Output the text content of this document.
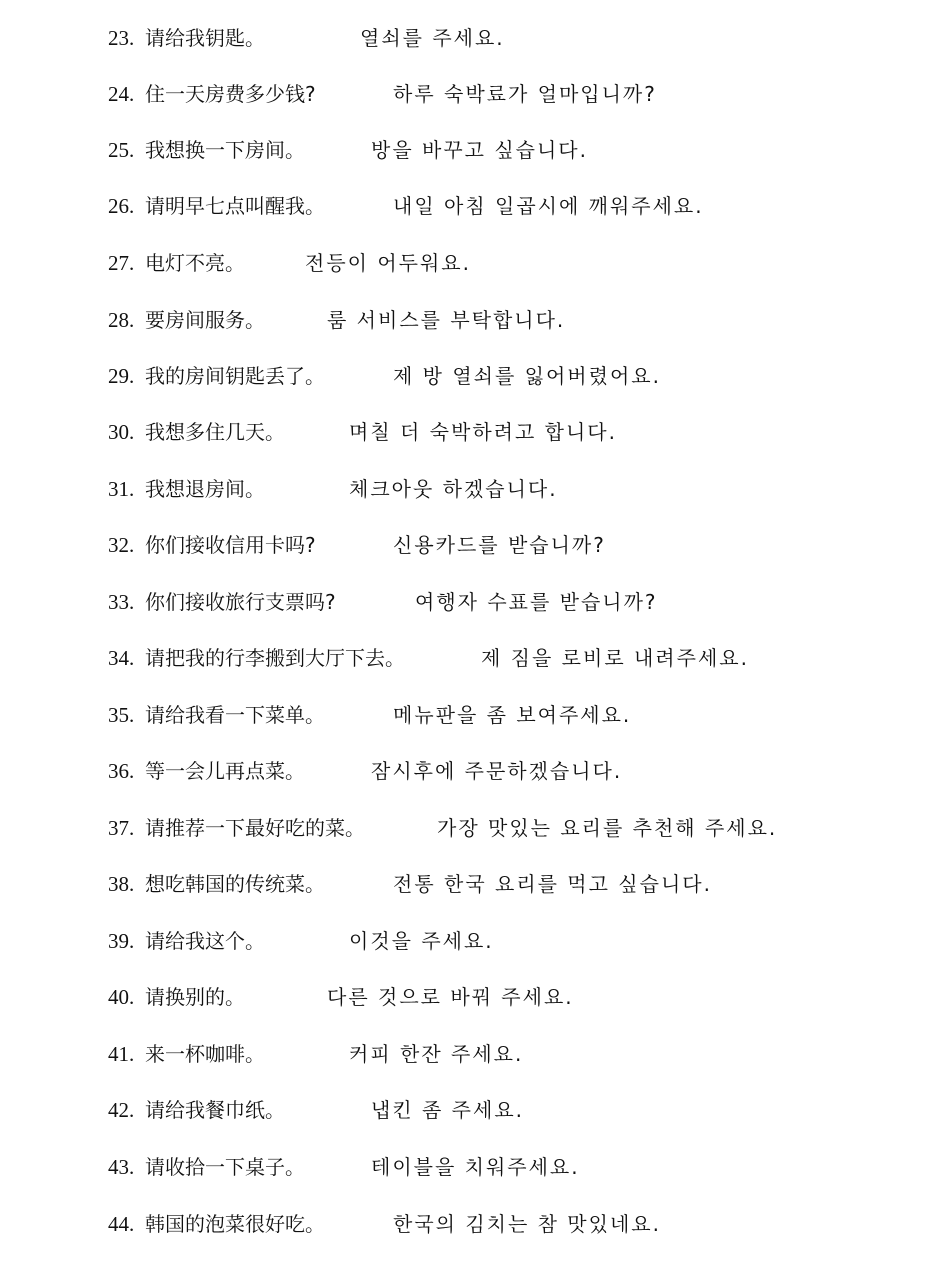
23. 请给我钥匙。	열쇠를 주세요.
24. 住一天房费多少钱?	하루 숙박료가 얼마입니까?
25. 我想换一下房间。	방을 바꾸고 싶습니다.
26. 请明早七点叫醒我。	내일 아침 일곱시에 깨워주세요.
27. 电灯不亮。	전등이 어두워요.
28. 要房间服务。	룸 서비스를 부탁합니다.
29. 我的房间钥匙丢了。	제 방 열쇠를 잃어버렸어요.
30. 我想多住几天。	며칠 더 숙박하려고 합니다.
31. 我想退房间。	체크아웃 하겠습니다.
32. 你们接收信用卡吗?	신용카드를 받습니까?
33. 你们接收旅行支票吗?	여행자 수표를 받습니까?
34. 请把我的行李搬到大厅下去。	제 짐을 로비로 내려주세요.
35. 请给我看一下菜单。	메뉴판을 좀 보여주세요.
36. 等一会儿再点菜。	잠시후에 주문하겠습니다.
37. 请推荐一下最好吃的菜。	가장 맛있는 요리를 추천해 주세요.
38. 想吃韩国的传统菜。	전통 한국 요리를 먹고 싶습니다.
39. 请给我这个。	이것을 주세요.
40. 请换别的。	다른 것으로 바꿔 주세요.
41. 来一杯咖啡。	커피 한잔 주세요.
42. 请给我餐巾纸。	냅킨 좀 주세요.
43. 请收拾一下桌子。	테이블을 치워주세요.
44. 韩国的泡菜很好吃。	한국의 김치는 참 맛있네요.
